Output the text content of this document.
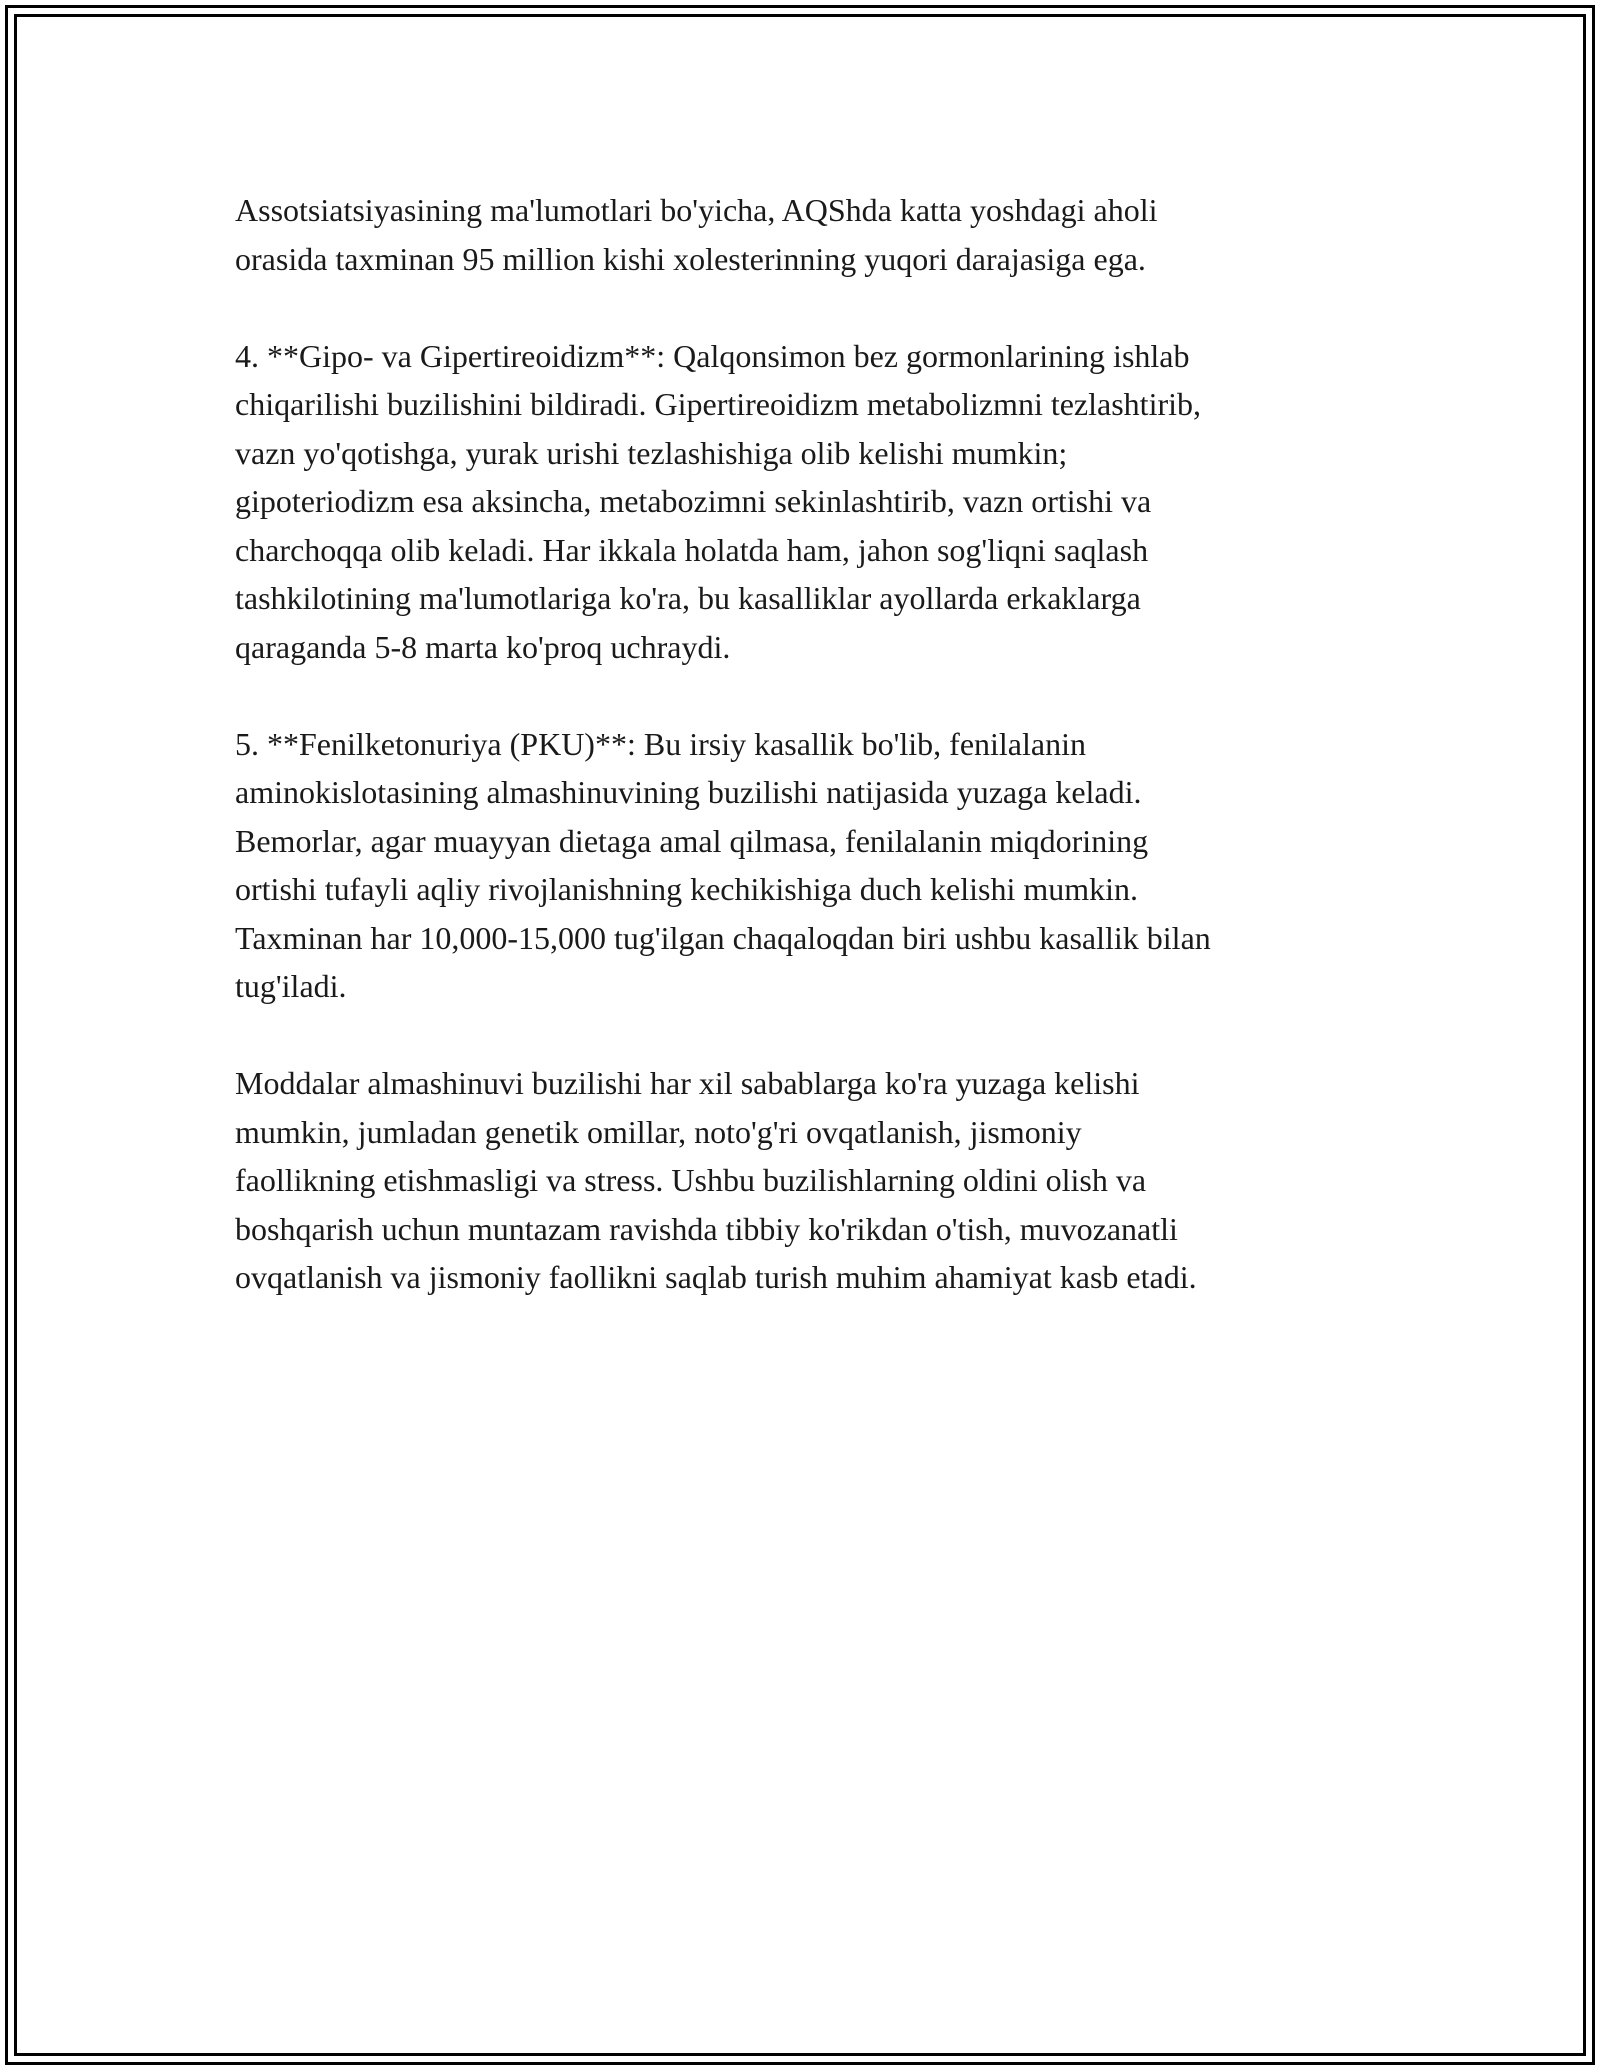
Assotsiatsiyasining ma'lumotlari bo'yicha, AQShda katta yoshdagi aholi
orasida taxminan 95 million kishi xolesterinning yuqori darajasiga ega.

4. **Gipo- va Gipertireoidizm**: Qalqonsimon bez gormonlarining ishlab
chiqarilishi buzilishini bildiradi. Gipertireoidizm metabolizmni tezlashtirib,
vazn yo'qotishga, yurak urishi tezlashishiga olib kelishi mumkin;
gipoteriodizm esa aksincha, metabozimni sekinlashtirib, vazn ortishi va
charchoqqa olib keladi. Har ikkala holatda ham, jahon sog'liqni saqlash
tashkilotining ma'lumotlariga ko'ra, bu kasalliklar ayollarda erkaklarga
qaraganda 5-8 marta ko'proq uchraydi.

5. **Fenilketonuriya (PKU)**: Bu irsiy kasallik bo'lib, fenilalanin
aminokislotasining almashinuvining buzilishi natijasida yuzaga keladi.
Bemorlar, agar muayyan dietaga amal qilmasa, fenilalanin miqdorining
ortishi tufayli aqliy rivojlanishning kechikishiga duch kelishi mumkin.
Taxminan har 10,000-15,000 tug'ilgan chaqaloqdan biri ushbu kasallik bilan
tug'iladi.

Moddalar almashinuvi buzilishi har xil sabablarga ko'ra yuzaga kelishi
mumkin, jumladan genetik omillar, noto'g'ri ovqatlanish, jismoniy
faollikning etishmasligi va stress. Ushbu buzilishlarning oldini olish va
boshqarish uchun muntazam ravishda tibbiy ko'rikdan o'tish, muvozanatli
ovqatlanish va jismoniy faollikni saqlab turish muhim ahamiyat kasb etadi.
